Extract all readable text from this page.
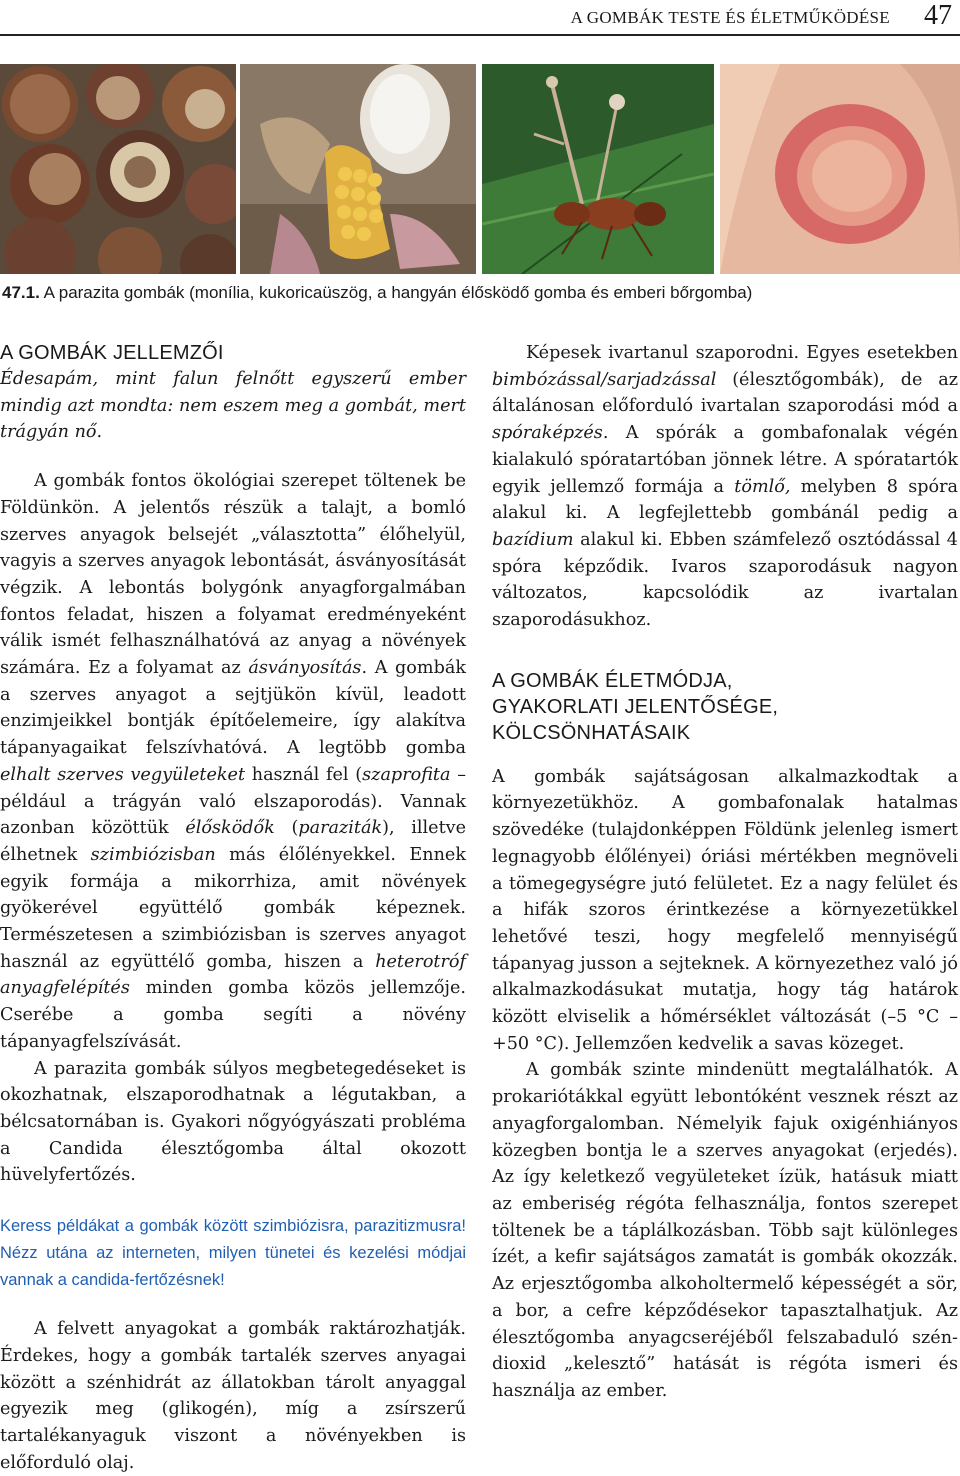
A GOMBÁK TESTE ÉS ÉLETMŰKÖDÉSE 47
47.1. A parazita gombák (monília, kukoricaüszög, a hangyán élősködő gomba és emberi bőrgomba)
A GOMBÁK JELLEMZŐI

Édesapám, mint falun felnőtt egyszerű ember mindig azt mondta: nem eszem meg a gombát, mert trágyán nő.

A gombák fontos ökológiai szerepet töltenek be Földünkön. A jelentős részük a talajt, a bomló szerves anyagok belsejét „választotta” élőhelyül, vagyis a szerves anyagok lebontását, ásványosítását végzik. A lebontás bolygónk anyagforgalmában fontos feladat, hiszen a folyamat eredményeként válik ismét felhasználhatóvá az anyag a növények számára. Ez a folyamat az ásványosítás. A gombák a szerves anyagot a sejtjükön kívül, leadott enzimjeikkel bontják építőelemeire, így alakítva tápanyagaikat felszívhatóvá. A legtöbb gomba elhalt szerves vegyületeket használ fel (szaprofita – például a trágyán való elszaporodás). Vannak azonban közöttük élősködők (paraziták), illetve élhetnek szimbiózisban más élőlényekkel. Ennek egyik formája a mikorrhiza, amit növények gyökerével együttélő gombák képeznek. Természetesen a szimbiózisban is szerves anyagot használ az együttélő gomba, hiszen a heterotróf anyagfelépítés minden gomba közös jellemzője. Cserébe a gomba segíti a növény tápanyagfelszívását.

A parazita gombák súlyos megbetegedéseket is okozhatnak, elszaporodhatnak a légutakban, a bélcsatornában is. Gyakori nőgyógyászati probléma a Candida élesztőgomba által okozott hüvelyfertőzés.

Keress példákat a gombák között szimbiózisra, parazitizmusra! Nézz utána az interneten, milyen tünetei és kezelési módjai vannak a candida-fertőzésnek!

A felvett anyagokat a gombák raktározhatják. Érdekes, hogy a gombák tartalék szerves anyagai között a szénhidrát az állatokban tárolt anyaggal egyezik meg (glikogén), míg a zsírszerű tartalékanyaguk viszont a növényekben is előforduló olaj.

Képesek ivartanul szaporodni. Egyes esetekben bimbózással/sarjadzással (élesztőgombák), de az általánosan előforduló ivartalan szaporodási mód a spóraképzés. A spórák a gombafonalak végén kialakuló spóratartóban jönnek létre. A spóratartók egyik jellemző formája a tömlő, melyben 8 spóra alakul ki. A legfejlettebb gombánál pedig a bazídium alakul ki. Ebben számfelező osztódással 4 spóra képződik. Ivaros szaporodásuk nagyon változatos, kapcsolódik az ivartalan szaporodásukhoz.

A GOMBÁK ÉLETMÓDJA,
GYAKORLATI JELENTŐSÉGE,
KÖLCSÖNHATÁSAIK

A gombák sajátságosan alkalmazkodtak a környezetükhöz. A gombafonalak hatalmas szövedéke (tulajdonképpen Földünk jelenleg ismert legnagyobb élőlényei) óriási mértékben megnöveli a tömegegységre jutó felületet. Ez a nagy felület és a hifák szoros érintkezése a környezetükkel lehetővé teszi, hogy megfelelő mennyiségű tápanyag jusson a sejteknek. A környezethez való jó alkalmazkodásukat mutatja, hogy tág határok között elviselik a hőmérséklet változását (–5 °C – +50 °C). Jellemzően kedvelik a savas közeget.

A gombák szinte mindenütt megtalálhatók. A prokariótákkal együtt lebontóként vesznek részt az anyagforgalomban. Némelyik fajuk oxigénhiányos közegben bontja le a szerves anyagokat (erjedés). Az így keletkező vegyületeket ízük, hatásuk miatt az emberiség régóta felhasználja, fontos szerepet töltenek be a táplálkozásban. Több sajt különleges ízét, a kefir sajátságos zamatát is gombák okozzák. Az erjesztőgomba alkoholtermelő képességét a sör, a bor, a cefre képződésekor tapasztalhatjuk. Az élesztőgomba anyagcseréjéből felszabaduló szén-dioxid „kelesztő” hatását is régóta ismeri és használja az ember.
